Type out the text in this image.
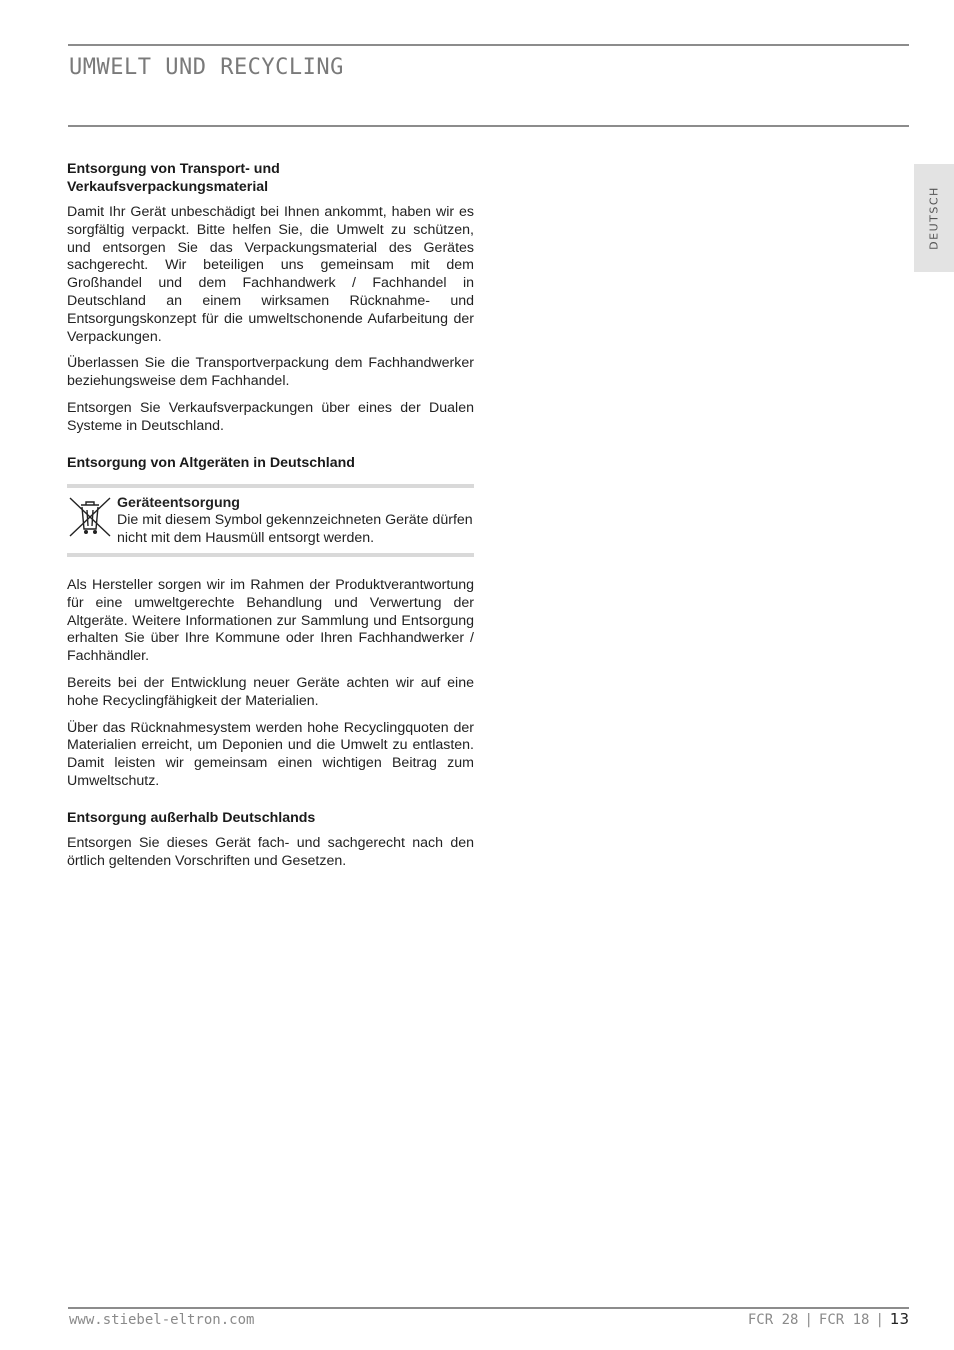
UMWELT UND RECYCLING
DEUTSCH
Entsorgung von Transport- und
Verkaufsverpackungsmaterial

Damit Ihr Gerät unbeschädigt bei Ihnen ankommt, haben wir es sorgfältig verpackt. Bitte helfen Sie, die Umwelt zu schützen, und entsorgen Sie das Verpackungsmaterial des Gerätes sachgerecht. Wir beteiligen uns gemeinsam mit dem Großhandel und dem Fachhandwerk / Fachhandel in Deutschland an einem wirksamen Rücknahme- und Entsorgungskonzept für die umweltschonende Aufarbeitung der Verpackungen.

Überlassen Sie die Transportverpackung dem Fachhandwerker beziehungsweise dem Fachhandel.

Entsorgen Sie Verkaufsverpackungen über eines der Dualen Systeme in Deutschland.

Entsorgung von Altgeräten in Deutschland
Geräteentsorgung
Die mit diesem Symbol gekennzeichneten Geräte dürfen nicht mit dem Hausmüll entsorgt werden.

Als Hersteller sorgen wir im Rahmen der Produktverantwortung für eine umweltgerechte Behandlung und Verwertung der Altgeräte. Weitere Informationen zur Sammlung und Entsorgung erhalten Sie über Ihre Kommune oder Ihren Fachhandwerker / Fachhändler.

Bereits bei der Entwicklung neuer Geräte achten wir auf eine hohe Recyclingfähigkeit der Materialien.

Über das Rücknahmesystem werden hohe Recyclingquoten der Materialien erreicht, um Deponien und die Umwelt zu entlasten. Damit leisten wir gemeinsam einen wichtigen Beitrag zum Umweltschutz.

Entsorgung außerhalb Deutschlands

Entsorgen Sie dieses Gerät fach- und sachgerecht nach den örtlich geltenden Vorschriften und Gesetzen.

www.stiebel-eltron.com	FCR 28 | FCR 18 | 13
